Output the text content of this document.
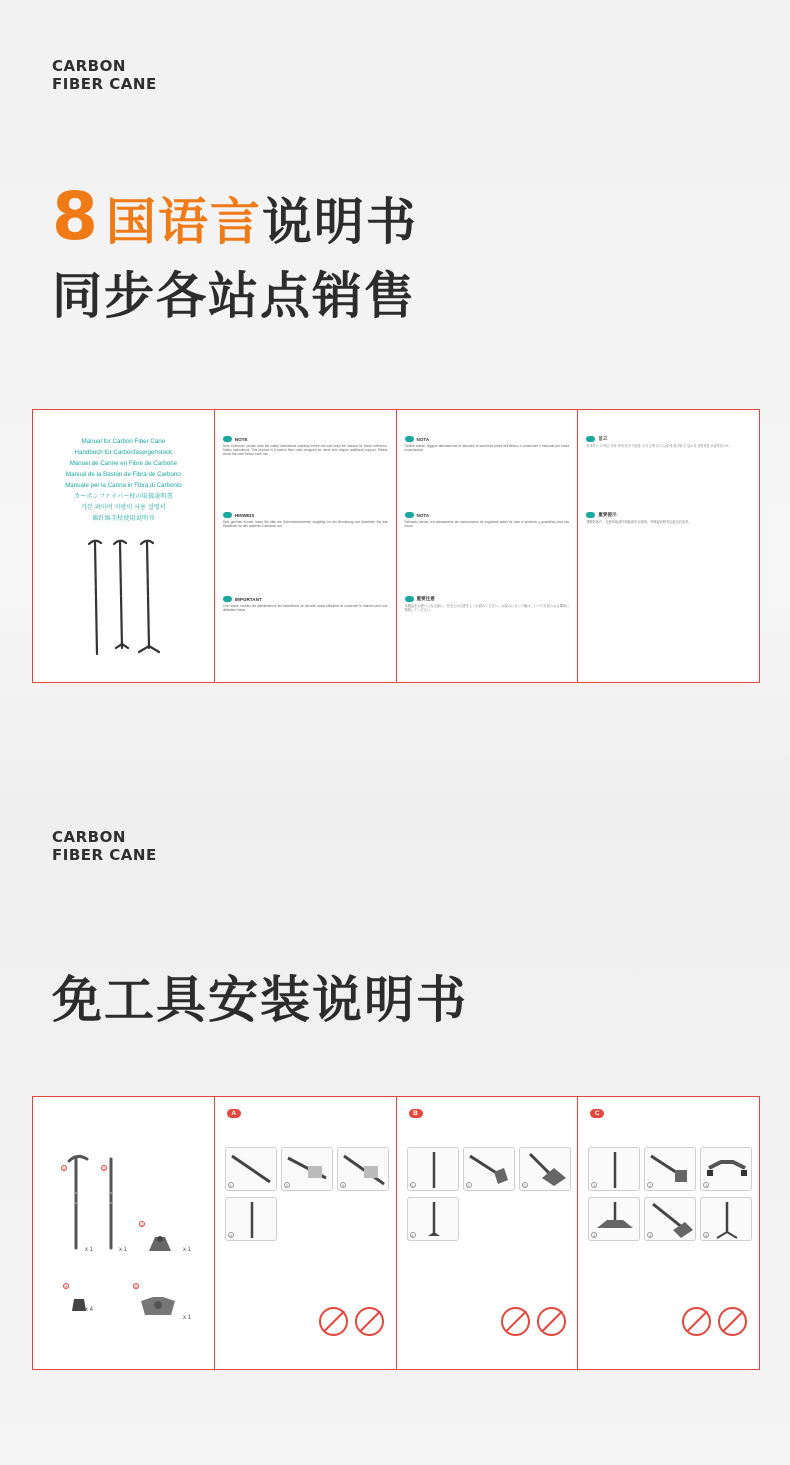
CARBON
FIBER CANE
8 国语言说明书
同步各站点销售
Manual for Carbon Fiber Cane
Handbuch für Carbonfasergehstock
Manuel de Canne en Fibre de Carbone
Manual de la Bastón de Fibra de Carbono
Manuale per la Canna in Fibra di Carbonio
カーボンファイバー杖の取扱説明書
카본 파이버 지팡이 사용 설명서
碳纤维手杖使用说明书
NOTE
Dear Customer, please read the safety instructions carefully before use and keep the manual for future reference. Safety instructions: This product is a carbon fiber cane designed for users who require additional support. Please check the cane before each use.
HINWEIS
Sehr geehrter Kunde, lesen Sie bitte die Sicherheitshinweise sorgfältig vor der Benutzung und bewahren Sie das Handbuch für den späteren Gebrauch auf.
IMPORTANT
Cher client, veuillez lire attentivement les instructions de sécurité avant utilisation et conserver le manuel pour une utilisation future.
NOTA
Gentile cliente, leggere attentamente le istruzioni di sicurezza prima dell'utilizzo e conservare il manuale per future consultazioni.
NOTA
Estimado cliente, lea atentamente las instrucciones de seguridad antes de usar el producto y guárdelas para uso futuro.
重要注意
本製品をお使いになる前に、安全上の注意をよくお読みください。お読みになった後は、いつでも見られる場所に保管してください。
참고
친애하는 고객님, 사용 전에 안전 지침을 주의 깊게 읽고 나중에 참고할 수 있도록 설명서를 보관하십시오.
重要提示
尊敬的客户，在使用前请仔细阅读安全说明，并保留说明书以备日后参考。
CARBON
FIBER CANE
免工具安装说明书
①
x 1
②
x 1
③
x 1
④
x 4
⑤
x 1
A
1	2	3
4
B
1	2	3
4
C
1	2	3
4	5	6
